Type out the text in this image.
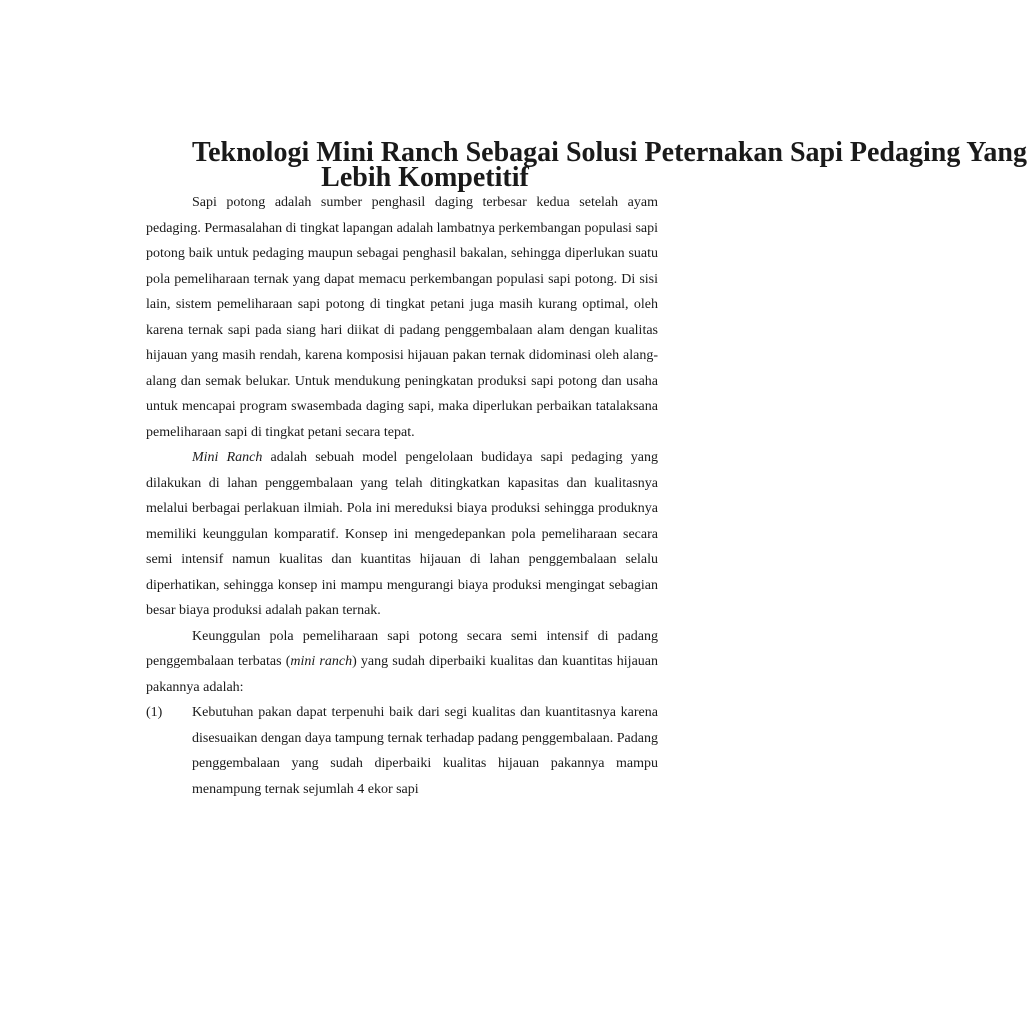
Teknologi Mini Ranch Sebagai Solusi Peternakan Sapi Pedaging Yang
Lebih Kompetitif

Sapi potong adalah sumber penghasil daging terbesar kedua setelah ayam pedaging. Permasalahan di tingkat lapangan adalah lambatnya perkembangan populasi sapi potong baik untuk pedaging maupun sebagai penghasil bakalan, sehingga diperlukan suatu pola pemeliharaan ternak yang dapat memacu perkembangan populasi sapi potong. Di sisi lain, sistem pemeliharaan sapi potong di tingkat petani juga masih kurang optimal, oleh karena ternak sapi pada siang hari diikat di padang penggembalaan alam dengan kualitas hijauan yang masih rendah, karena komposisi hijauan pakan ternak didominasi oleh alang-alang dan semak belukar. Untuk mendukung peningkatan produksi sapi potong dan usaha untuk mencapai program swasembada daging sapi, maka diperlukan perbaikan tatalaksana pemeliharaan sapi di tingkat petani secara tepat.

Mini Ranch adalah sebuah model pengelolaan budidaya sapi pedaging yang dilakukan di lahan penggembalaan yang telah ditingkatkan kapasitas dan kualitasnya melalui berbagai perlakuan ilmiah. Pola ini mereduksi biaya produksi sehingga produknya memiliki keunggulan komparatif. Konsep ini mengedepankan pola pemeliharaan secara semi intensif namun kualitas dan kuantitas hijauan di lahan penggembalaan selalu diperhatikan, sehingga konsep ini mampu mengurangi biaya produksi mengingat sebagian besar biaya produksi adalah pakan ternak.

Keunggulan pola pemeliharaan sapi potong secara semi intensif di padang penggembalaan terbatas (mini ranch) yang sudah diperbaiki kualitas dan kuantitas hijauan pakannya adalah:

(1) Kebutuhan pakan dapat terpenuhi baik dari segi kualitas dan kuantitasnya karena disesuaikan dengan daya tampung ternak terhadap padang penggembalaan. Padang penggembalaan yang sudah diperbaiki kualitas hijauan pakannya mampu menampung ternak sejumlah 4 ekor sapi
